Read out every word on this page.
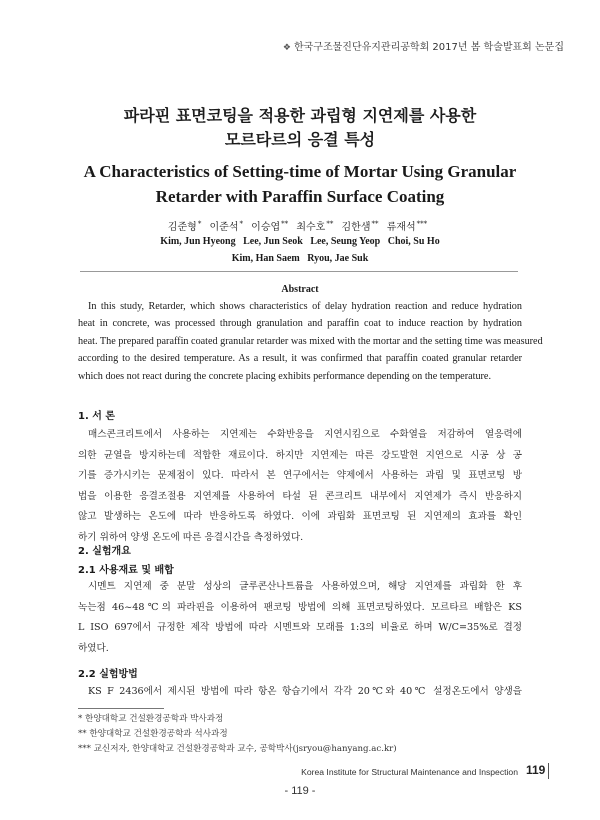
❖ 한국구조물진단유지관리공학회 2017년 봄 학술발표회 논문집
파라핀 표면코팅을 적용한 과립형 지연제를 사용한
모르타르의 응결 특성
A Characteristics of Setting-time of Mortar Using Granular
Retarder with Paraffin Surface Coating
김준형* 이준석* 이승엽** 최수호** 김한샘** 류재석***
Kim, Jun Hyeong   Lee, Jun Seok   Lee, Seung Yeop   Choi, Su Ho
Kim, Han Saem   Ryou, Jae Suk
Abstract
In this study, Retarder, which shows characteristics of delay hydration reaction and reduce hydration
heat in concrete, was processed through granulation and paraffin coat to induce reaction by hydration
heat. The prepared paraffin coated granular retarder was mixed with the mortar and the setting time was measured
according to the desired temperature. As a result, it was confirmed that paraffin coated granular retarder
which does not react during the concrete placing exhibits performance depending on the temperature.
1. 서 론
매스콘크리트에서 사용하는 지연제는 수화반응을 지연시킴으로 수화열을 저감하여 열응력에
의한 균열을 방지하는데 적합한 재료이다. 하지만 지연제는 따른 강도발현 지연으로 시공 상 공
기를 증가시키는 문제점이 있다. 따라서 본 연구에서는 약제에서 사용하는 과립 및 표면코팅 방
법을 이용한 응결조절용 지연제를 사용하여 타설 된 콘크리트 내부에서 지연제가 즉시 반응하지
않고 발생하는 온도에 따라 반응하도록 하였다. 이에 과립화 표면코팅 된 지연제의 효과를 확인
하기 위하여 양생 온도에 따른 응결시간을 측정하였다.
2. 실험개요
2.1 사용재료 및 배합
시멘트 지연제 중 분말 성상의 글루콘산나트륨을 사용하였으며, 해당 지연제를 과립화 한 후
녹는점 46~48℃의 파라핀을 이용하여 팬코팅 방법에 의해 표면코팅하였다. 모르타르 배합은 KS
L ISO 697에서 규정한 제작 방법에 따라 시멘트와 모래를 1:3의 비율로 하며 W/C=35%로 결정
하였다.
2.2 실험방법
KS F 2436에서 제시된 방법에 따라 항온 항습기에서 각각 20℃와 40℃ 설정온도에서 양생을
* 한양대학교 건설환경공학과 박사과정
** 한양대학교 건설환경공학과 석사과정
*** 교신저자, 한양대학교 건설환경공학과 교수, 공학박사(jsryou@hanyang.ac.kr)
Korea Institute for Structural Maintenance and Inspection 119
- 119 -
